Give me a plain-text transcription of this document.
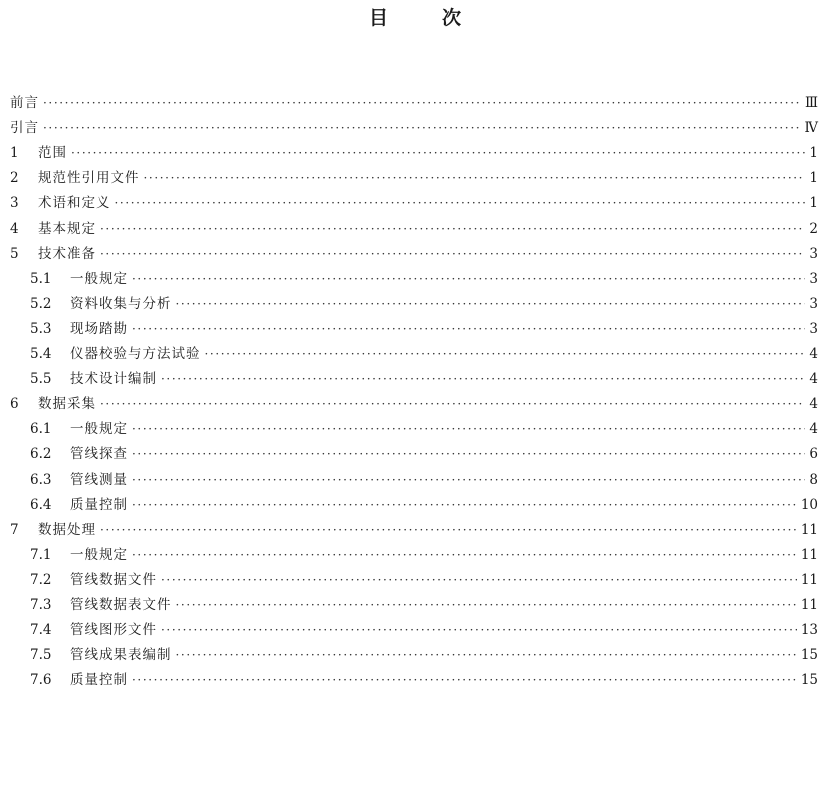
目	次
前言 ·····	Ⅲ
引言 ·····	Ⅳ
1	范围 ·····	1
2	规范性引用文件 ·····	1
3	术语和定义 ·····	1
4	基本规定 ·····	2
5	技术准备 ·····	3
5.1	一般规定 ·····	3
5.2	资料收集与分析 ·····	3
5.3	现场踏勘 ·····	3
5.4	仪器校验与方法试验 ·····	4
5.5	技术设计编制 ·····	4
6	数据采集 ·····	4
6.1	一般规定 ·····	4
6.2	管线探查 ·····	6
6.3	管线测量 ·····	8
6.4	质量控制 ·····	10
7	数据处理 ·····	11
7.1	一般规定 ·····	11
7.2	管线数据文件 ·····	11
7.3	管线数据表文件 ·····	11
7.4	管线图形文件 ·····	13
7.5	管线成果表编制 ·····	15
7.6	质量控制 ·····	15
